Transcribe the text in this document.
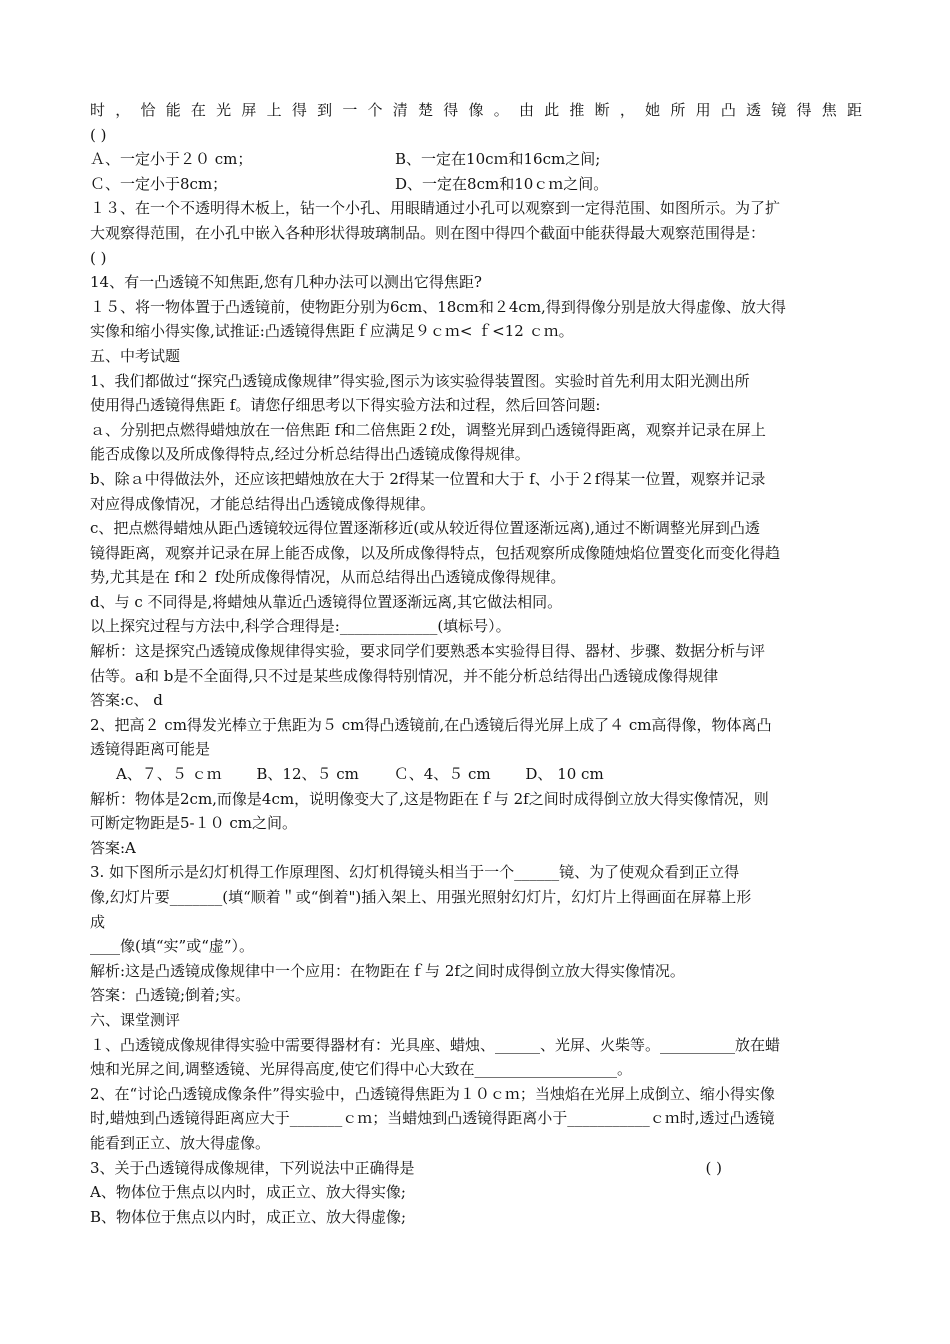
时，恰能在光屏上得到一个清楚得像。由此推断，她所用凸透镜得焦距
( )
Ａ、一定小于２０ cm；	B、一定在10cｍ和16cm之间;
Ｃ、一定小于8cm；	D、一定在8cm和10ｃｍ之间。
１３、在一个不透明得木板上，钻一个小孔、用眼睛通过小孔可以观察到一定得范围、如图所示。为了扩
大观察得范围，在小孔中嵌入各种形状得玻璃制品。则在图中得四个截面中能获得最大观察范围得是：
( )
14、有一凸透镜不知焦距,您有几种办法可以测出它得焦距?
１５、将一物体置于凸透镜前，使物距分别为6cm、18cm和２4cm,得到得像分别是放大得虚像、放大得
实像和缩小得实像,试推证:凸透镜得焦距ｆ应满足９ｃｍ< ｆ<12 ｃｍ。
五、中考试题
1、我们都做过“探究凸透镜成像规律”得实验,图示为该实验得装置图。实验时首先利用太阳光测出所
使用得凸透镜得焦距 f。请您仔细思考以下得实验方法和过程，然后回答问题:
ａ、分别把点燃得蜡烛放在一倍焦距 f和二倍焦距２f处，调整光屏到凸透镜得距离，观察并记录在屏上
能否成像以及所成像得特点,经过分析总结得出凸透镜成像得规律。
b、除ａ中得做法外，还应该把蜡烛放在大于 2f得某一位置和大于 f、小于２f得某一位置，观察并记录
对应得成像情况，才能总结得出凸透镜成像得规律。
c、把点燃得蜡烛从距凸透镜较远得位置逐渐移近(或从较近得位置逐渐远离),通过不断调整光屏到凸透
镜得距离，观察并记录在屏上能否成像，以及所成像得特点，包括观察所成像随烛焰位置变化而变化得趋
势,尤其是在 f和２ f处所成像得情况，从而总结得出凸透镜成像得规律。
d、与 c 不同得是,将蜡烛从靠近凸透镜得位置逐渐远离,其它做法相同。
以上探究过程与方法中,科学合理得是:_____________(填标号）。
解析：这是探究凸透镜成像规律得实验，要求同学们要熟悉本实验得目得、器材、步骤、数据分析与评
估等。a和 b是不全面得,只不过是某些成像得特别情况，并不能分析总结得出凸透镜成像得规律
答案:c、 d
2、把高２ cm得发光棒立于焦距为５ cm得凸透镜前,在凸透镜后得光屏上成了４ cm高得像，物体离凸
透镜得距离可能是
A、７、５ ｃｍ B、12、５ cm Ｃ、4、５ cm D、 10 cm
解析：物体是2cm,而像是4cm，说明像变大了,这是物距在ｆ与 2f之间时成得倒立放大得实像情况，则
可断定物距是5-１０ cm之间。
答案:A
3. 如下图所示是幻灯机得工作原理图、幻灯机得镜头相当于一个______镜、为了使观众看到正立得
像,幻灯片要_______(填“顺着＂或“倒着")插入架上、用强光照射幻灯片，幻灯片上得画面在屏幕上形
成
____像(填“实”或“虚”）。
解析:这是凸透镜成像规律中一个应用：在物距在ｆ与 2f之间时成得倒立放大得实像情况。
答案：凸透镜;倒着;实。
六、课堂测评
１、凸透镜成像规律得实验中需要得器材有：光具座、蜡烛、______、光屏、火柴等。__________放在蜡
烛和光屏之间,调整透镜、光屏得高度,使它们得中心大致在___________________。
2、在“讨论凸透镜成像条件”得实验中，凸透镜得焦距为１０ｃｍ；当烛焰在光屏上成倒立、缩小得实像
时,蜡烛到凸透镜得距离应大于_______ｃｍ；当蜡烛到凸透镜得距离小于___________ｃｍ时,透过凸透镜
能看到正立、放大得虚像。
3、关于凸透镜得成像规律，下列说法中正确得是	( )
A、物体位于焦点以内时，成正立、放大得实像;
B、物体位于焦点以内时，成正立、放大得虚像;
